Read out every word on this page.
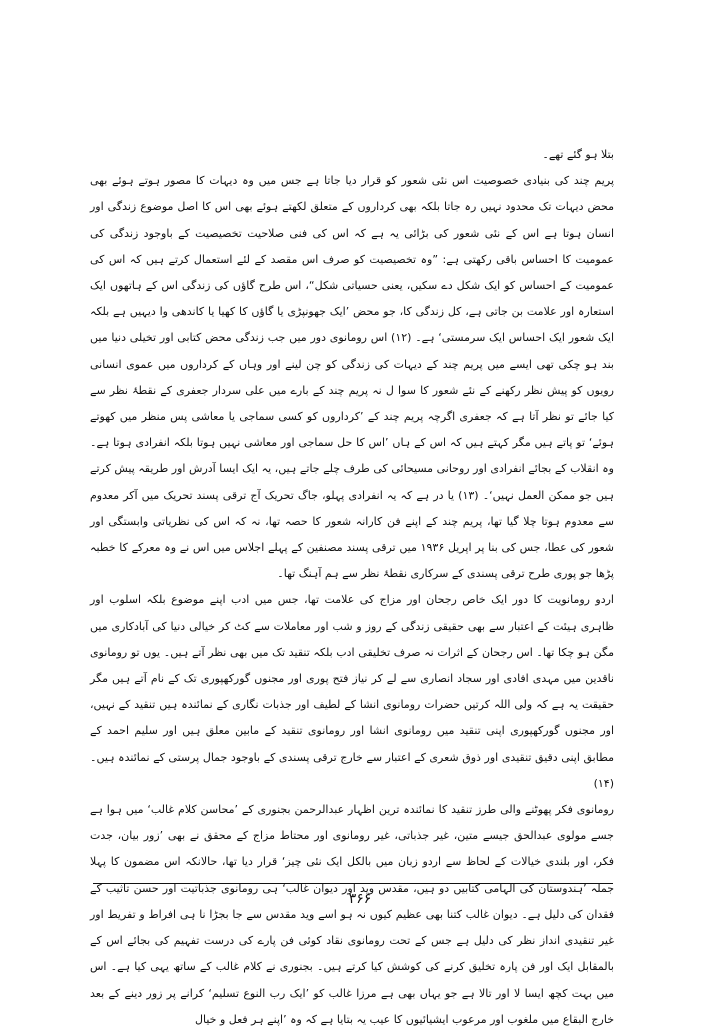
بتلا ہو گئے تھے۔

پریم چند کی بنیادی خصوصیت اس نئی شعور کو قرار دیا جاتا ہے جس میں وہ دیہات کا مصور ہوتے ہوئے بھی محض دیہات تک محدود نہیں رہ جاتا بلکہ بھی کرداروں کے متعلق لکھتے ہوئے بھی اس کا اصل موضوع زندگی اور انسان ہوتا ہے اس کے نئی شعور کی بڑائی یہ ہے کہ اس کی فنی صلاحیت تخصیصیت کے باوجود زندگی کی عمومیت کا احساس باقی رکھتی ہے: ”وہ تخصیصیت کو صرف اس مقصد کے لئے استعمال کرتے ہیں کہ اس کی عمومیت کے احساس کو ایک شکل دے سکیں، یعنی حسیاتی شکل“، اس طرح گاؤں کی زندگی اس کے ہاتھوں ایک استعارہ اور علامت بن جاتی ہے، کل زندگی کا، جو محض ’ایک جھونپڑی یا گاؤں کا کھیا یا کاندھی وا دیہیں ہے بلکہ ایک شعور ایک احساس ایک سرمستی‘ ہے۔ (۱۲) اس رومانوی دور میں جب زندگی محض کتابی اور تخیلی دنیا میں بند ہو چکی تھی ایسے میں پریم چند کے دیہات کی زندگی کو چن لینے اور وہاں کے کرداروں میں عموی انسانی رویوں کو پیش نظر رکھنے کے نئے شعور کا سوا ل نہ پریم چند کے بارے میں علی سردار جعفری کے نقطۂ نظر سے کیا جائے تو نظر آتا ہے کہ جعفری اگرچہ پریم چند کے ’کرداروں کو کسی سماجی یا معاشی پس منظر میں کھوتے ہوئے‘ تو پاتے ہیں مگر کہتے ہیں کہ اس کے ہاں ’اس کا حل سماجی اور معاشی نہیں ہوتا بلکہ انفرادی ہوتا ہے۔ وہ انقلاب کے بجائے انفرادی اور روحانی مسیحائی کی طرف چلے جاتے ہیں، یہ ایک ایسا آدرش اور طریقہ پیش کرتے ہیں جو ممکن العمل نہیں‘۔ (۱۳) یا در ہے کہ یہ انفرادی پہلو، جاگ تحریک آج ترقی پسند تحریک میں آکر معدوم سے معدوم ہوتا چلا گیا تھا، پریم چند کے اپنے فن کارانہ شعور کا حصہ تھا، نہ کہ اس کی نظریاتی وابستگی اور شعور کی عطا، جس کی بنا پر اپریل ۱۹۳۶ میں ترقی پسند مصنفین کے پہلے اجلاس میں اس نے وہ معرکے کا خطبہ پڑھا جو پوری طرح ترقی پسندی کے سرکاری نقطۂ نظر سے ہم آہنگ تھا۔

اردو رومانویت کا دور ایک خاص رجحان اور مزاج کی علامت تھا، جس میں ادب اپنے موضوع بلکہ اسلوب اور ظاہری ہیئت کے اعتبار سے بھی حقیقی زندگی کے روز و شب اور معاملات سے کٹ کر خیالی دنیا کی آبادکاری میں مگن ہو چکا تھا۔ اس رجحان کے اثرات نہ صرف تخلیقی ادب بلکہ تنقید تک میں بھی نظر آتے ہیں۔ یوں تو رومانوی ناقدین میں مہدی افادی اور سجاد انصاری سے لے کر نیاز فتح پوری اور مجنوں گورکھپوری تک کے نام آتے ہیں مگر حقیقت یہ ہے کہ ولی اللہ کرتیں حضرات رومانوی انشا کے لطیف اور جذبات نگاری کے نمائندہ ہیں تنقید کے نہیں، اور مجنوں گورکھپوری اپنی تنقید میں رومانوی انشا اور رومانوی تنقید کے مابین معلق ہیں اور سلیم احمد کے مطابق اپنی دقیق تنقیدی اور ذوق شعری کے اعتبار سے خارج ترقی پسندی کے باوجود جمال پرستی کے نمائندہ ہیں۔ (۱۴)

رومانوی فکر پھوٹنے والی طرز تنقید کا نمائندہ ترین اظہار عبدالرحمن بجنوری کے ’محاسن کلام غالب‘ میں ہوا ہے جسے مولوی عبدالحق جیسے متین، غیر جذباتی، غیر رومانوی اور محتاط مزاج کے محقق نے بھی ’زور بیان، جدت فکر، اور بلندی خیالات کے لحاظ سے اردو زبان میں بالکل ایک نئی چیز‘ قرار دیا تھا، حالانکہ اس مضمون کا پہلا جملہ ’ہندوستان کی الہامی کتابیں دو ہیں، مقدس وید اور دیوان غالب‘ ہی رومانوی جذباتیت اور حسن تاثیب کے فقدان کی دلیل ہے۔ دیوان غالب کتنا بھی عظیم کیوں نہ ہو اسے وید مقدس سے جا بجڑا نا ہی افراط و تفریط اور غیر تنقیدی انداز نظر کی دلیل ہے جس کے تحت رومانوی نقاد کوئی فن پارے کی درست تفہیم کی بجائے اس کے بالمقابل ایک اور فن پارہ تخلیق کرنے کی کوشش کیا کرتے ہیں۔ بجنوری نے کلام غالب کے ساتھ یہی کیا ہے۔ اس میں بہت کچھ ایسا لا اور تالا ہے جو یہاں بھی ہے مرزا غالب کو ’ایک رب النوع تسلیم‘ کرانے پر زور دینے کے بعد خارج البقاع میں ملغوب اور مرعوب ایشیائیوں کا عیب یہ بتایا ہے کہ وہ ’اپنے ہر فعل و خیال

۳۶۶
